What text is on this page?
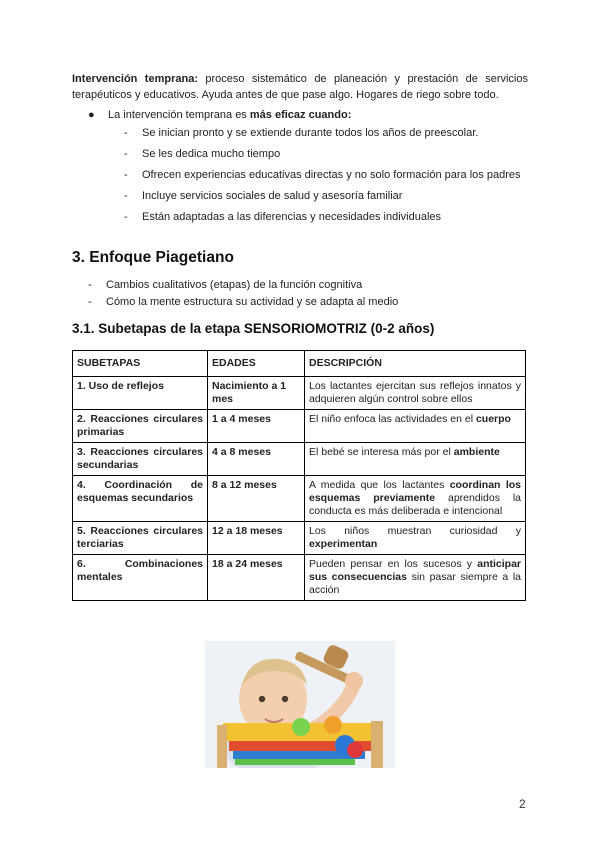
Intervención temprana: proceso sistemático de planeación y prestación de servicios terapéuticos y educativos. Ayuda antes de que pase algo. Hogares de riego sobre todo.
●	La intervención temprana es más eficaz cuando:
-	Se inician pronto y se extiende durante todos los años de preescolar.
-	Se les dedica mucho tiempo
-	Ofrecen experiencias educativas directas y no solo formación para los padres
-	Incluye servicios sociales de salud y asesoría familiar
-	Están adaptadas a las diferencias y necesidades individuales
3. Enfoque Piagetiano
-	Cambios cualitativos (etapas) de la función cognitiva
-	Cómo la mente estructura su actividad y se adapta al medio
3.1. Subetapas de la etapa SENSORIOMOTRIZ (0-2 años)
SUBETAPAS	EDADES	DESCRIPCIÓN
1. Uso de reflejos	Nacimiento a 1 mes	Los lactantes ejercitan sus reflejos innatos y adquieren algún control sobre ellos
2. Reacciones circulares primarias	1 a 4 meses	El niño enfoca las actividades en el cuerpo
3. Reacciones circulares secundarias	4 a 8 meses	El bebé se interesa más por el ambiente
4. Coordinación de esquemas secundarios	8 a 12 meses	A medida que los lactantes coordinan los esquemas previamente aprendidos la conducta es más deliberada e intencional
5. Reacciones circulares terciarias	12 a 18 meses	Los niños muestran curiosidad y experimentan
6. Combinaciones mentales	18 a 24 meses	Pueden pensar en los sucesos y anticipar sus consecuencias sin pasar siempre a la acción
2
